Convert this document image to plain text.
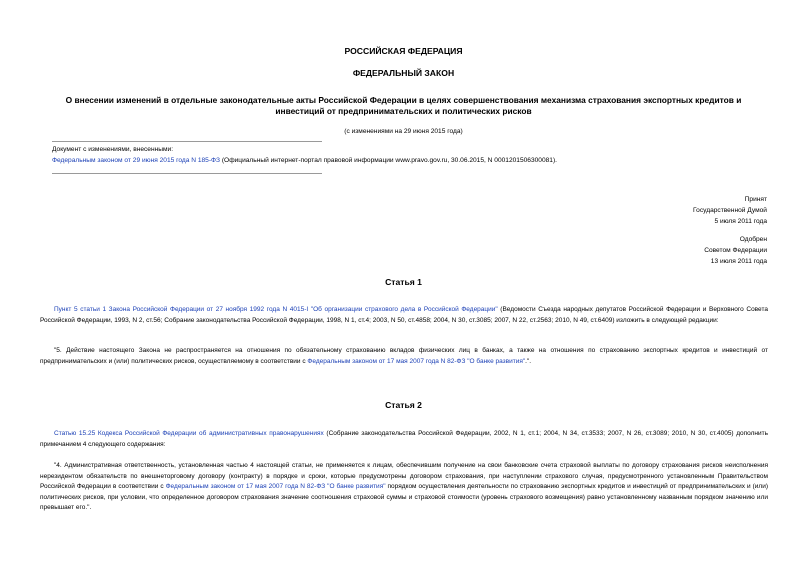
РОССИЙСКАЯ ФЕДЕРАЦИЯ
ФЕДЕРАЛЬНЫЙ ЗАКОН
О внесении изменений в отдельные законодательные акты Российской Федерации в целях совершенствования механизма страхования экспортных кредитов и
инвестиций от предпринимательских и политических рисков
(с изменениями на 29 июня 2015 года)
Документ с изменениями, внесенными:
Федеральным законом от 29 июня 2015 года N 185-ФЗ (Официальный интернет-портал правовой информации www.pravo.gov.ru, 30.06.2015, N 0001201506300081).
Принят
Государственной Думой
5 июля 2011 года
Одобрен
Советом Федерации
13 июля 2011 года
Статья 1
Пункт 5 статьи 1 Закона Российской Федерации от 27 ноября 1992 года N 4015-I "Об организации страхового дела в Российской Федерации" (Ведомости Съезда народных депутатов Российской Федерации и Верховного Совета Российской Федерации, 1993, N 2, ст.56; Собрание законодательства Российской Федерации, 1998, N 1, ст.4; 2003, N 50, ст.4858; 2004, N 30, ст.3085; 2007, N 22, ст.2563; 2010, N 49, ст.6409) изложить в следующей редакции:
"5. Действие настоящего Закона не распространяется на отношения по обязательному страхованию вкладов физических лиц в банках, а также на отношения по страхованию экспортных кредитов и инвестиций от предпринимательских и (или) политических рисков, осуществляемому в соответствии с Федеральным законом от 17 мая 2007 года N 82-ФЗ "О банке развития".".
Статья 2
Статью 15.25 Кодекса Российской Федерации об административных правонарушениях (Собрание законодательства Российской Федерации, 2002, N 1, ст.1; 2004, N 34, ст.3533; 2007, N 26, ст.3089; 2010, N 30, ст.4005) дополнить примечанием 4 следующего содержания:
"4. Административная ответственность, установленная частью 4 настоящей статьи, не применяется к лицам, обеспечившим получение на свои банковские счета страховой выплаты по договору страхования рисков неисполнения нерезидентом обязательств по внешнеторговому договору (контракту) в порядке и сроки, которые предусмотрены договором страхования, при наступлении страхового случая, предусмотренного установленным Правительством Российской Федерации в соответствии с Федеральным законом от 17 мая 2007 года N 82-ФЗ "О банке развития" порядком осуществления деятельности по страхованию экспортных кредитов и инвестиций от предпринимательских и (или) политических рисков, при условии, что определенное договором страхования значение соотношения страховой суммы и страховой стоимости (уровень страхового возмещения) равно установленному названным порядком значению или превышает его.".
